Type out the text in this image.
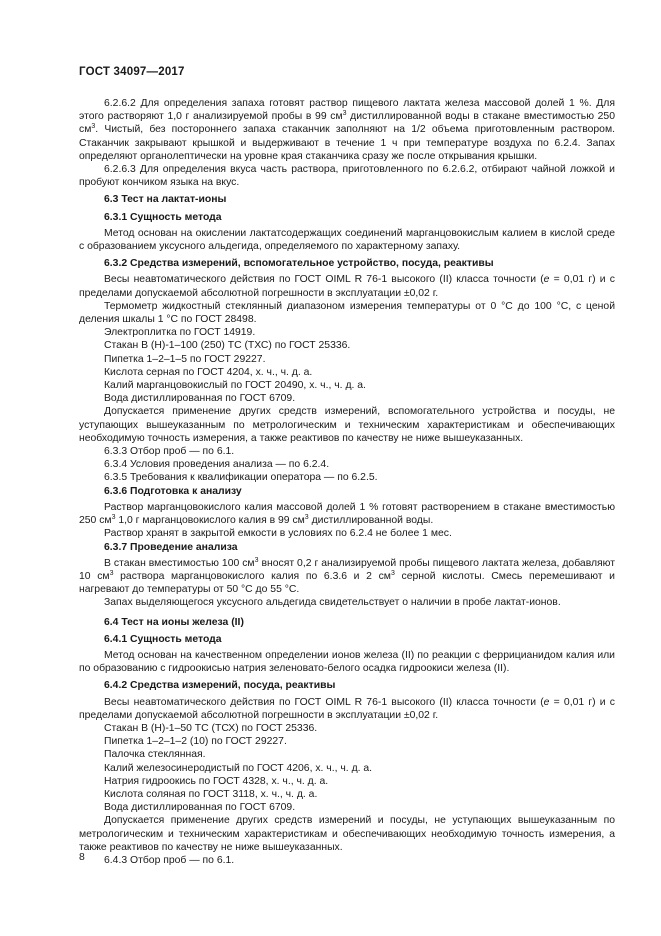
ГОСТ 34097—2017

6.2.6.2 Для определения запаха готовят раствор пищевого лактата железа массовой долей 1 %. Для этого растворяют 1,0 г анализируемой пробы в 99 $см^3$ дистиллированной воды в стакане вместимостью 250 $см^3$. Чистый, без постороннего запаха стаканчик заполняют на 1/2 объема приготовленным раствором. Стаканчик закрывают крышкой и выдерживают в течение 1 ч при температуре воздуха по 6.2.4. Запах определяют органолептически на уровне края стаканчика сразу же после открывания крышки.

6.2.6.3 Для определения вкуса часть раствора, приготовленного по 6.2.6.2, отбирают чайной ложкой и пробуют кончиком языка на вкус.

6.3 Тест на лактат-ионы

6.3.1 Сущность метода

Метод основан на окислении лактатсодержащих соединений марганцовокислым калием в кислой среде с образованием уксусного альдегида, определяемого по характерному запаху.

6.3.2 Средства измерений, вспомогательное устройство, посуда, реактивы

Весы неавтоматического действия по ГОСТ OIML R 76-1 высокого (II) класса точности (e = 0,01 г) и с пределами допускаемой абсолютной погрешности в эксплуатации ±0,02 г.

Термометр жидкостный стеклянный диапазоном измерения температуры от 0 °С до 100 °С, с ценой деления шкалы 1 °С по ГОСТ 28498.

Электроплитка по ГОСТ 14919.

Стакан В (Н)-1–100 (250) ТС (ТХС) по ГОСТ 25336.

Пипетка 1–2–1–5 по ГОСТ 29227.

Кислота серная по ГОСТ 4204, х. ч., ч. д. а.

Калий марганцовокислый по ГОСТ 20490, х. ч., ч. д. а.

Вода дистиллированная по ГОСТ 6709.

Допускается применение других средств измерений, вспомогательного устройства и посуды, не уступающих вышеуказанным по метрологическим и техническим характеристикам и обеспечивающих необходимую точность измерения, а также реактивов по качеству не ниже вышеуказанных.

6.3.3 Отбор проб — по 6.1.

6.3.4 Условия проведения анализа — по 6.2.4.

6.3.5 Требования к квалификации оператора — по 6.2.5.

6.3.6 Подготовка к анализу

Раствор марганцовокислого калия массовой долей 1 % готовят растворением в стакане вместимостью 250 $см^3$ 1,0 г марганцовокислого калия в 99 $см^3$ дистиллированной воды.

Раствор хранят в закрытой емкости в условиях по 6.2.4 не более 1 мес.

6.3.7 Проведение анализа

В стакан вместимостью 100 $см^3$ вносят 0,2 г анализируемой пробы пищевого лактата железа, добавляют 10 $см^3$ раствора марганцовокислого калия по 6.3.6 и 2 $см^3$ серной кислоты. Смесь перемешивают и нагревают до температуры от 50 °С до 55 °С.

Запах выделяющегося уксусного альдегида свидетельствует о наличии в пробе лактат-ионов.

6.4 Тест на ионы железа (II)

6.4.1 Сущность метода

Метод основан на качественном определении ионов железа (II) по реакции с феррицианидом калия или по образованию с гидроокисью натрия зеленовато-белого осадка гидроокиси железа (II).

6.4.2 Средства измерений, посуда, реактивы

Весы неавтоматического действия по ГОСТ OIML R 76-1 высокого (II) класса точности (e = 0,01 г) и с пределами допускаемой абсолютной погрешности в эксплуатации ±0,02 г.

Стакан В (Н)-1–50 ТС (ТСХ) по ГОСТ 25336.

Пипетка 1–2–1–2 (10) по ГОСТ 29227.

Палочка стеклянная.

Калий железосинеродистый по ГОСТ 4206, х. ч., ч. д. а.

Натрия гидроокись по ГОСТ 4328, х. ч., ч. д. а.

Кислота соляная по ГОСТ 3118, х. ч., ч. д. а.

Вода дистиллированная по ГОСТ 6709.

Допускается применение других средств измерений и посуды, не уступающих вышеуказанным по метрологическим и техническим характеристикам и обеспечивающих необходимую точность измерения, а также реактивов по качеству не ниже вышеуказанных.

6.4.3 Отбор проб — по 6.1.

8
